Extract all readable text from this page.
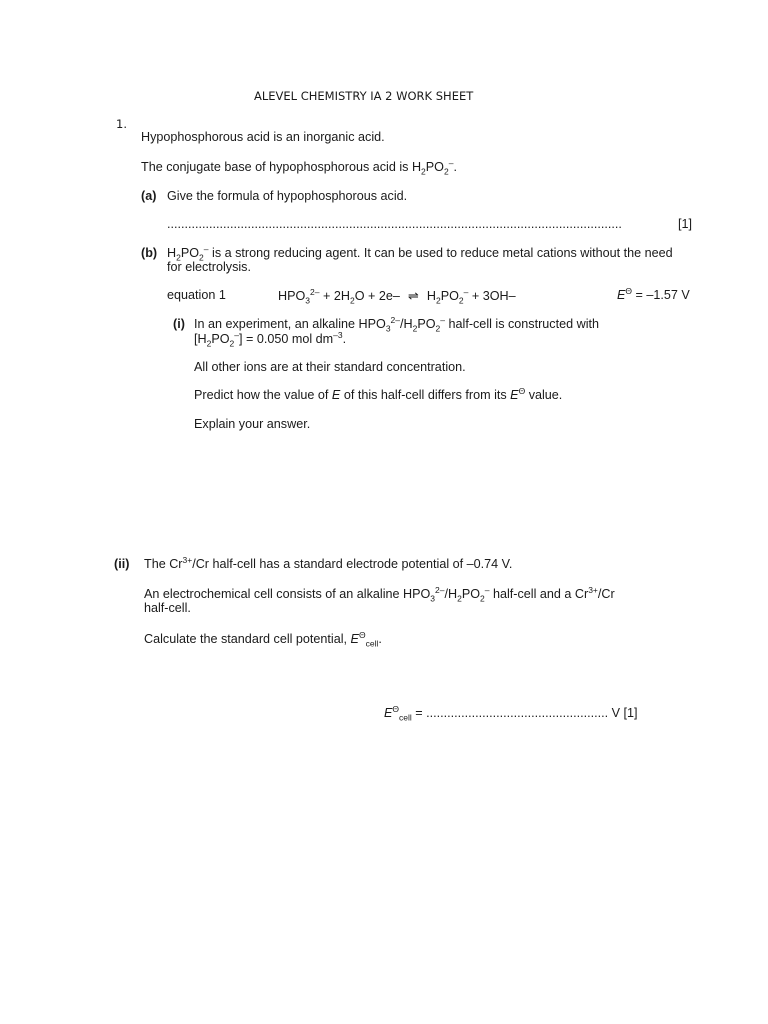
ALEVEL CHEMISTRY IA 2 WORK SHEET
1.
Hypophosphorous acid is an inorganic acid.
The conjugate base of hypophosphorous acid is $H_2PO_2^-$.
(a) Give the formula of hypophosphorous acid.
..................................................................................................................................	[1]
(b) $H_2PO_2^-$ is a strong reducing agent. It can be used to reduce metal cations without the need
for electrolysis.
equation 1	$HPO_3^{2-} + 2H_2O + 2e-$ ⇌ $H_2PO_2^- + 3OH-$	$E^\Theta = -1.57$ V
(i) In an experiment, an alkaline $HPO_3^{2-}/H_2PO_2^-$ half-cell is constructed with
$[H_2PO_2^-] = 0.050$ mol $dm^{-3}$.
All other ions are at their standard concentration.
Predict how the value of E of this half-cell differs from its $E^\Theta$ value.
Explain your answer.
(ii) The $Cr^{3+}/Cr$ half-cell has a standard electrode potential of –0.74 V.
An electrochemical cell consists of an alkaline $HPO_3^{2-}/H_2PO_2^-$ half-cell and a $Cr^{3+}/Cr$
half-cell.
Calculate the standard cell potential, $E^\Theta_{cell}$.
$E^\Theta_{cell}$ = .................................................... V [1]
